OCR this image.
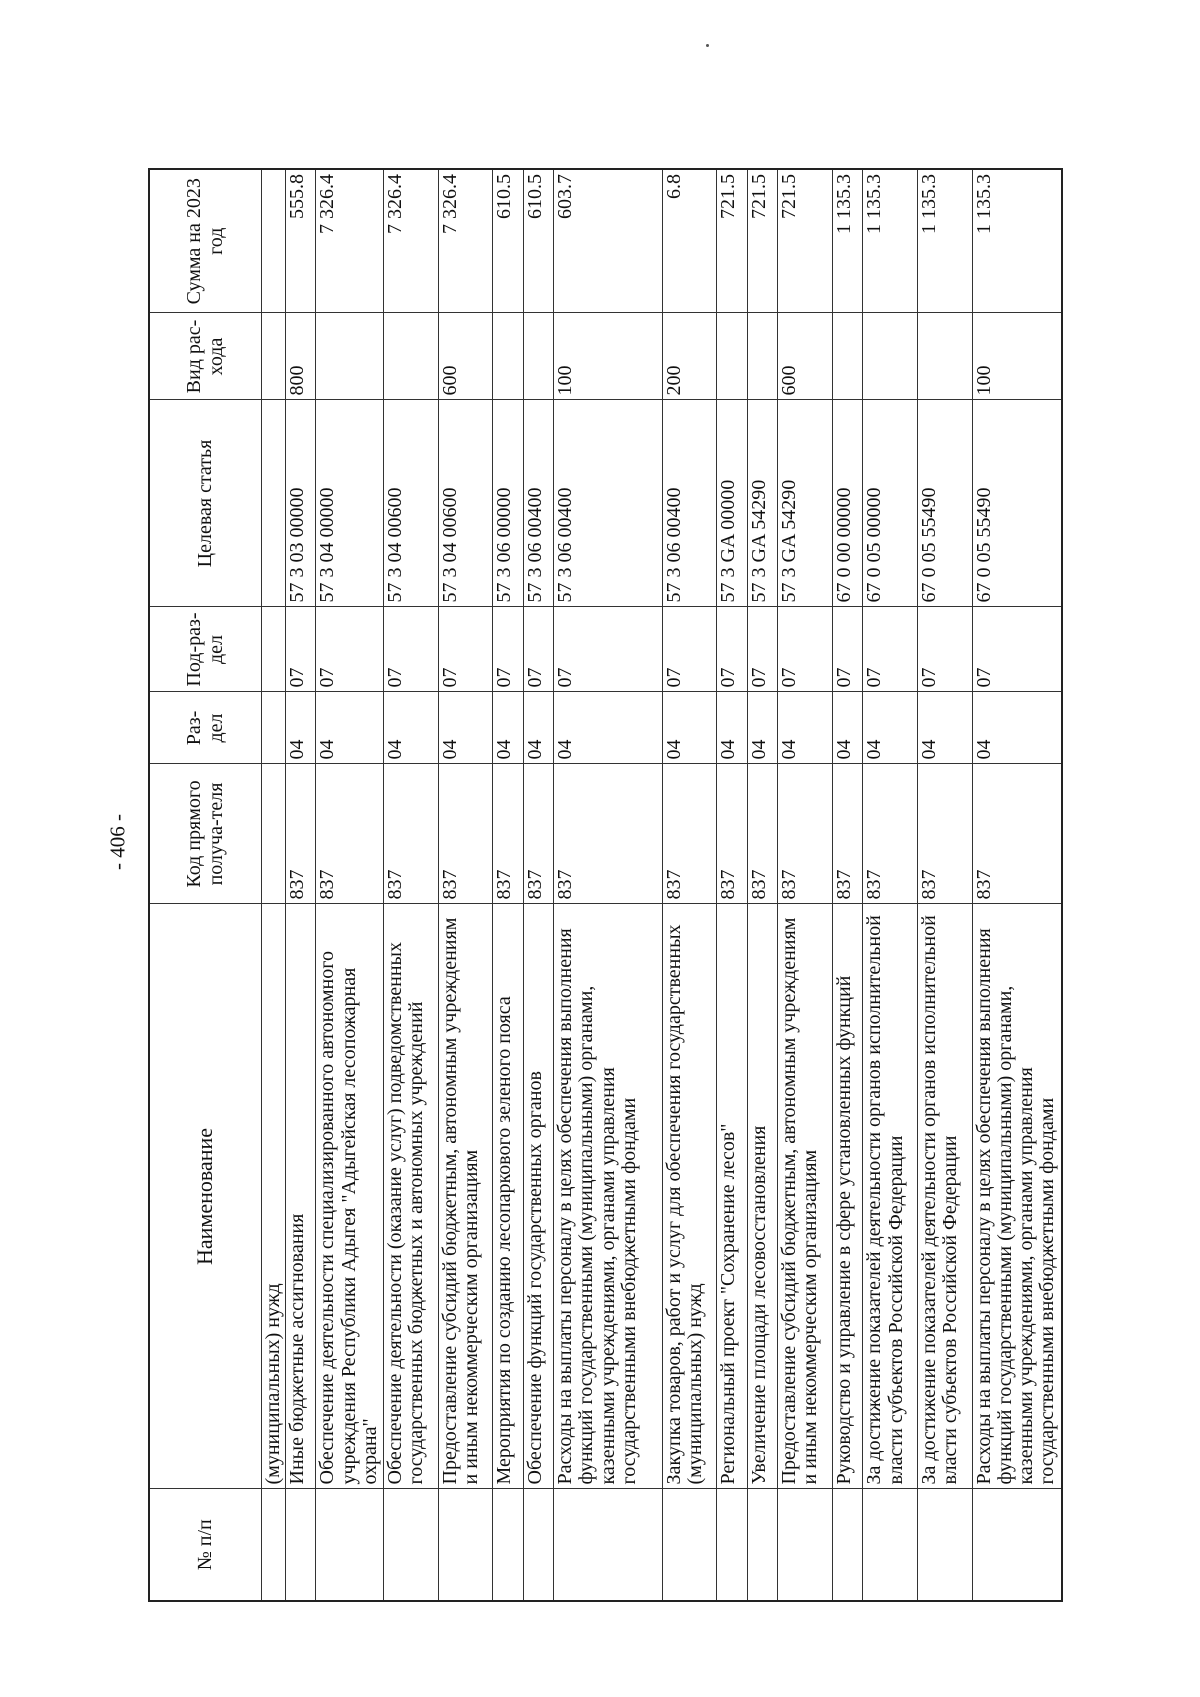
- 406 -
№ п/п	Наименование	Код прямого получа-теля	Раз-дел	Под-раз-дел	Целевая статья	Вид рас-хода	Сумма на 2023 год
	(муниципальных) нужд						
	Иные бюджетные ассигнования	837	04	07	57 3 03 00000	800	555.8
	Обеспечение деятельности специализированного автономного учреждения Республики Адыгея "Адыгейская лесопожарная охрана"	837	04	07	57 3 04 00000		7 326.4
	Обеспечение деятельности (оказание услуг) подведомственных государственных бюджетных и автономных учреждений	837	04	07	57 3 04 00600		7 326.4
	Предоставление субсидий бюджетным, автономным учреждениям и иным некоммерческим организациям	837	04	07	57 3 04 00600	600	7 326.4
	Мероприятия по созданию лесопаркового зеленого пояса	837	04	07	57 3 06 00000		610.5
	Обеспечение функций государственных органов	837	04	07	57 3 06 00400		610.5
	Расходы на выплаты персоналу в целях обеспечения выполнения функций государственными (муниципальными) органами, казенными учреждениями, органами управления государственными внебюджетными фондами	837	04	07	57 3 06 00400	100	603.7
	Закупка товаров, работ и услуг для обеспечения государственных (муниципальных) нужд	837	04	07	57 3 06 00400	200	6.8
	Региональный проект "Сохранение лесов"	837	04	07	57 3 GA 00000		721.5
	Увеличение площади лесовосстановления	837	04	07	57 3 GA 54290		721.5
	Предоставление субсидий бюджетным, автономным учреждениям и иным некоммерческим организациям	837	04	07	57 3 GA 54290	600	721.5
	Руководство и управление в сфере установленных функций	837	04	07	67 0 00 00000		1 135.3
	За достижение показателей деятельности органов исполнительной власти субъектов Российской Федерации	837	04	07	67 0 05 00000		1 135.3
	За достижение показателей деятельности органов исполнительной власти субъектов Российской Федерации	837	04	07	67 0 05 55490		1 135.3
	Расходы на выплаты персоналу в целях обеспечения выполнения функций государственными (муниципальными) органами, казенными учреждениями, органами управления государственными внебюджетными фондами	837	04	07	67 0 05 55490	100	1 135.3
